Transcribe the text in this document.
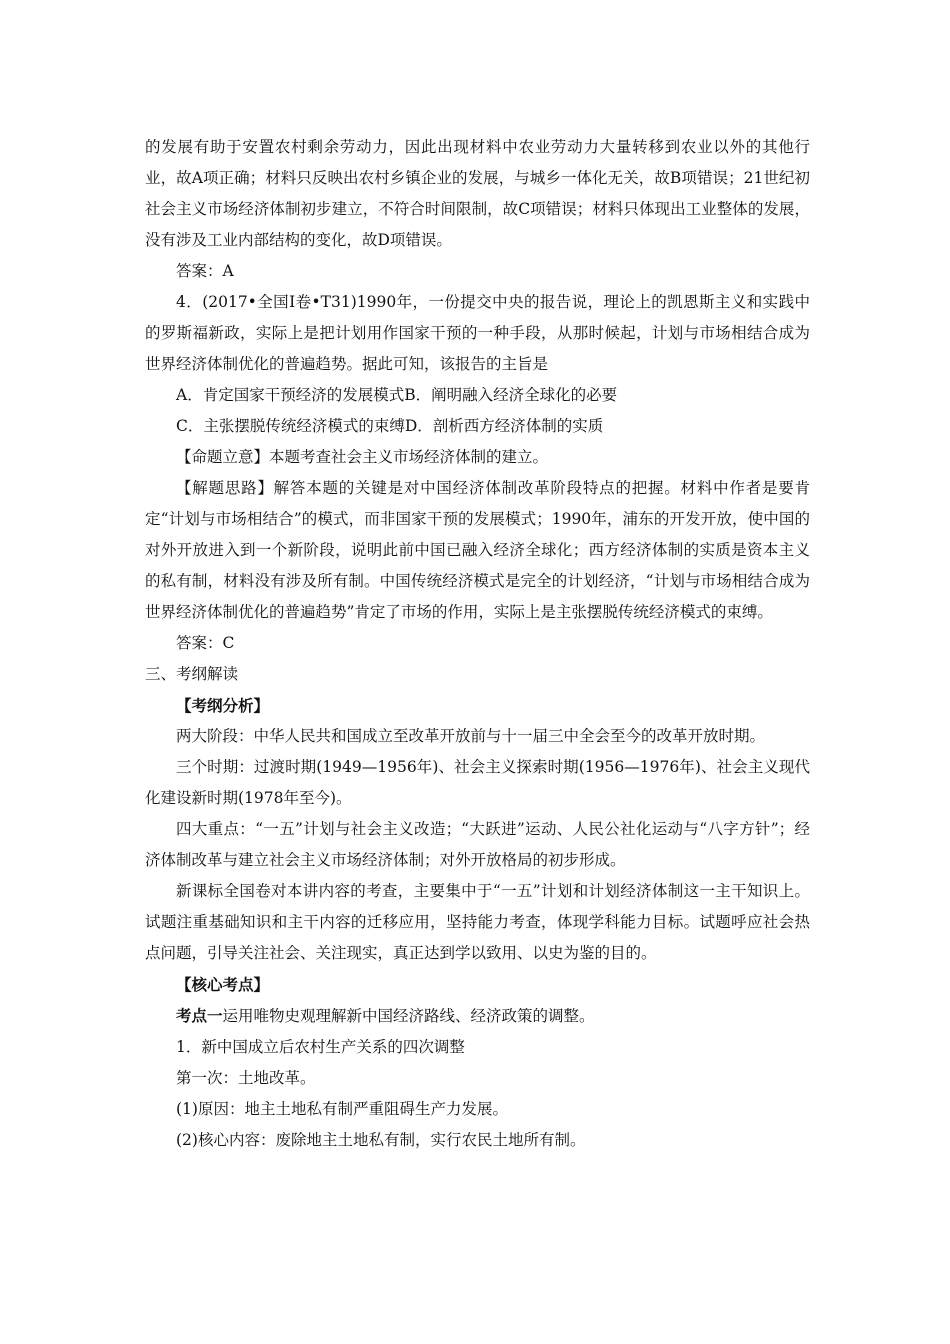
的发展有助于安置农村剩余劳动力，因此出现材料中农业劳动力大量转移到农业以外的其他行业，故A项正确；材料只反映出农村乡镇企业的发展，与城乡一体化无关，故B项错误；21世纪初社会主义市场经济体制初步建立，不符合时间限制，故C项错误；材料只体现出工业整体的发展，没有涉及工业内部结构的变化，故D项错误。

答案：A

4．(2017•全国Ⅰ卷•T31)1990年，一份提交中央的报告说，理论上的凯恩斯主义和实践中的罗斯福新政，实际上是把计划用作国家干预的一种手段，从那时候起，计划与市场相结合成为世界经济体制优化的普遍趋势。据此可知，该报告的主旨是

A．肯定国家干预经济的发展模式B．阐明融入经济全球化的必要

C．主张摆脱传统经济模式的束缚D．剖析西方经济体制的实质

【命题立意】本题考查社会主义市场经济体制的建立。

【解题思路】解答本题的关键是对中国经济体制改革阶段特点的把握。材料中作者是要肯定“计划与市场相结合”的模式，而非国家干预的发展模式；1990年，浦东的开发开放，使中国的对外开放进入到一个新阶段，说明此前中国已融入经济全球化；西方经济体制的实质是资本主义的私有制，材料没有涉及所有制。中国传统经济模式是完全的计划经济，“计划与市场相结合成为世界经济体制优化的普遍趋势”肯定了市场的作用，实际上是主张摆脱传统经济模式的束缚。

答案：C

三、考纲解读

【考纲分析】

两大阶段：中华人民共和国成立至改革开放前与十一届三中全会至今的改革开放时期。

三个时期：过渡时期(1949—1956年)、社会主义探索时期(1956—1976年)、社会主义现代化建设新时期(1978年至今)。

四大重点：“一五”计划与社会主义改造；“大跃进”运动、人民公社化运动与“八字方针”；经济体制改革与建立社会主义市场经济体制；对外开放格局的初步形成。

新课标全国卷对本讲内容的考查，主要集中于“一五”计划和计划经济体制这一主干知识上。试题注重基础知识和主干内容的迁移应用，坚持能力考查，体现学科能力目标。试题呼应社会热点问题，引导关注社会、关注现实，真正达到学以致用、以史为鉴的目的。

【核心考点】

考点一运用唯物史观理解新中国经济路线、经济政策的调整。

1．新中国成立后农村生产关系的四次调整

第一次：土地改革。

(1)原因：地主土地私有制严重阻碍生产力发展。

(2)核心内容：废除地主土地私有制，实行农民土地所有制。
